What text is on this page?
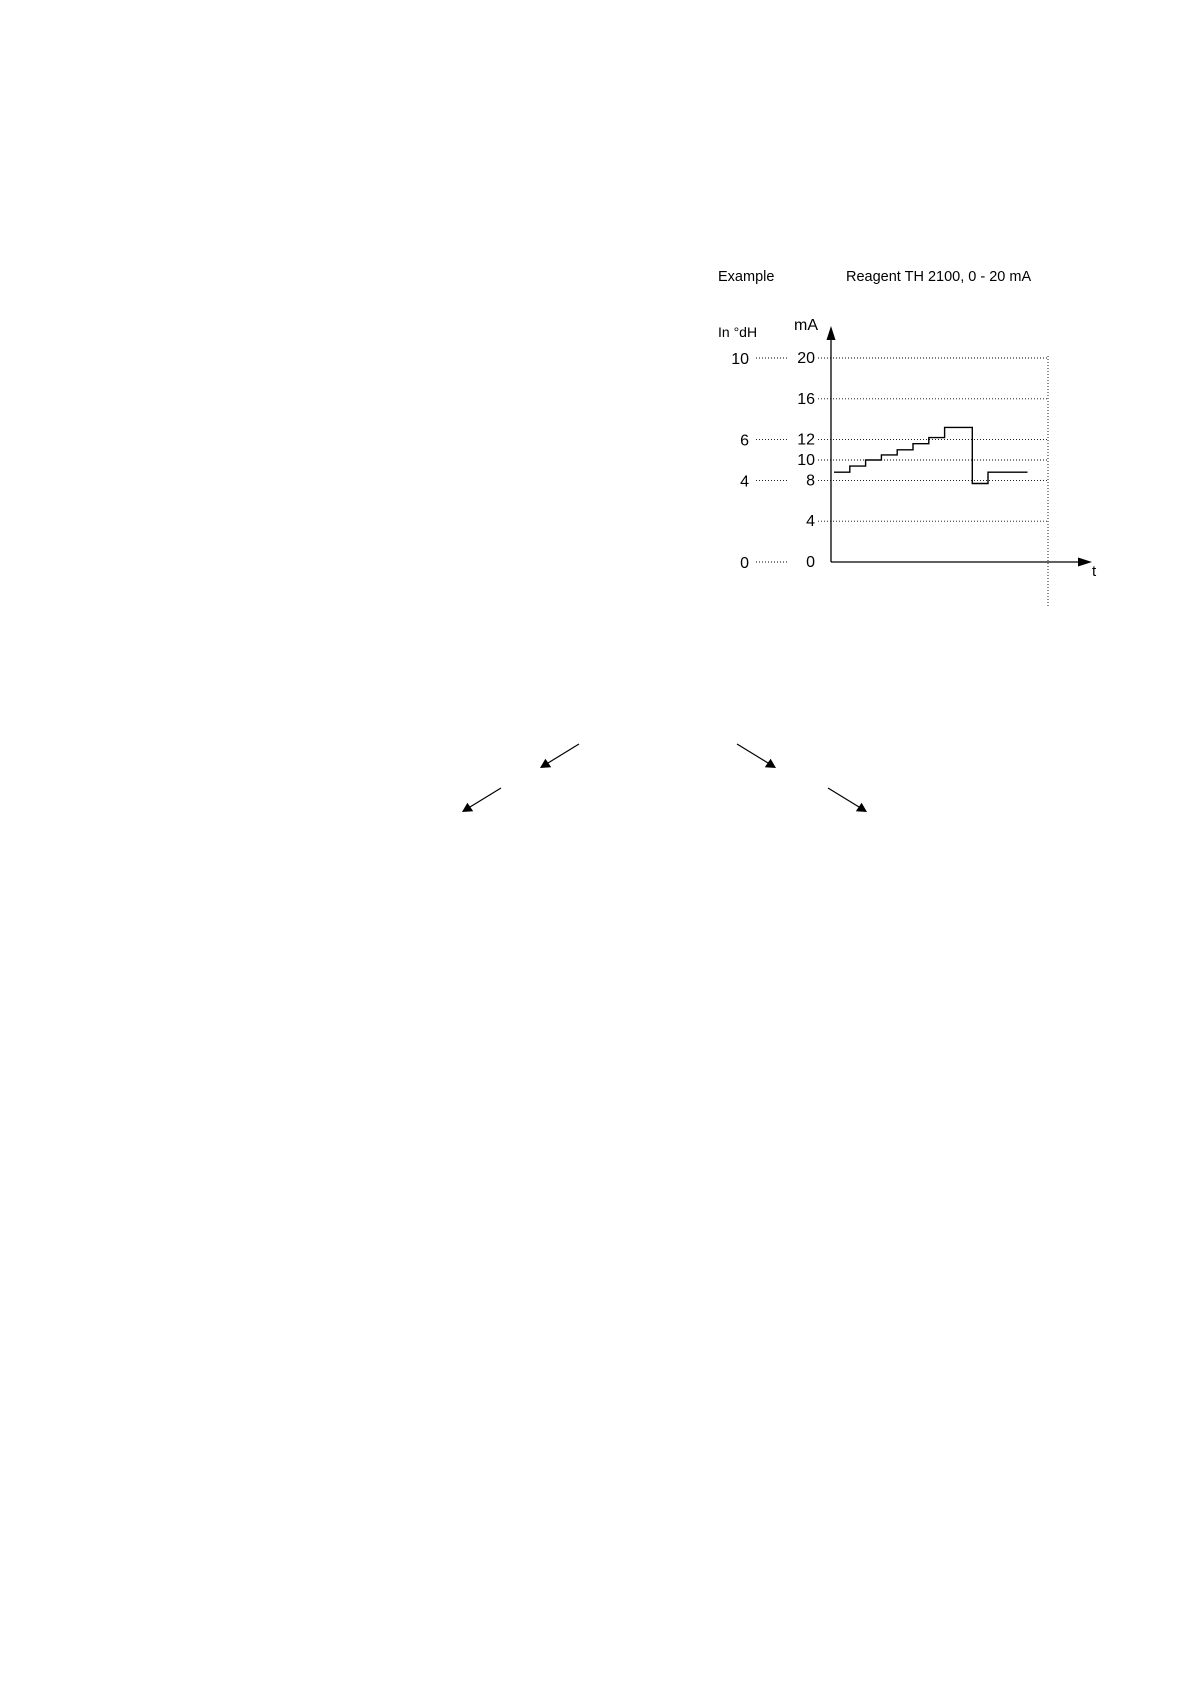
Example	Reagent TH 2100, 0 - 20 mA
In °dH mA
0
4
6
10
0
4
8
10
12
16
20
t
